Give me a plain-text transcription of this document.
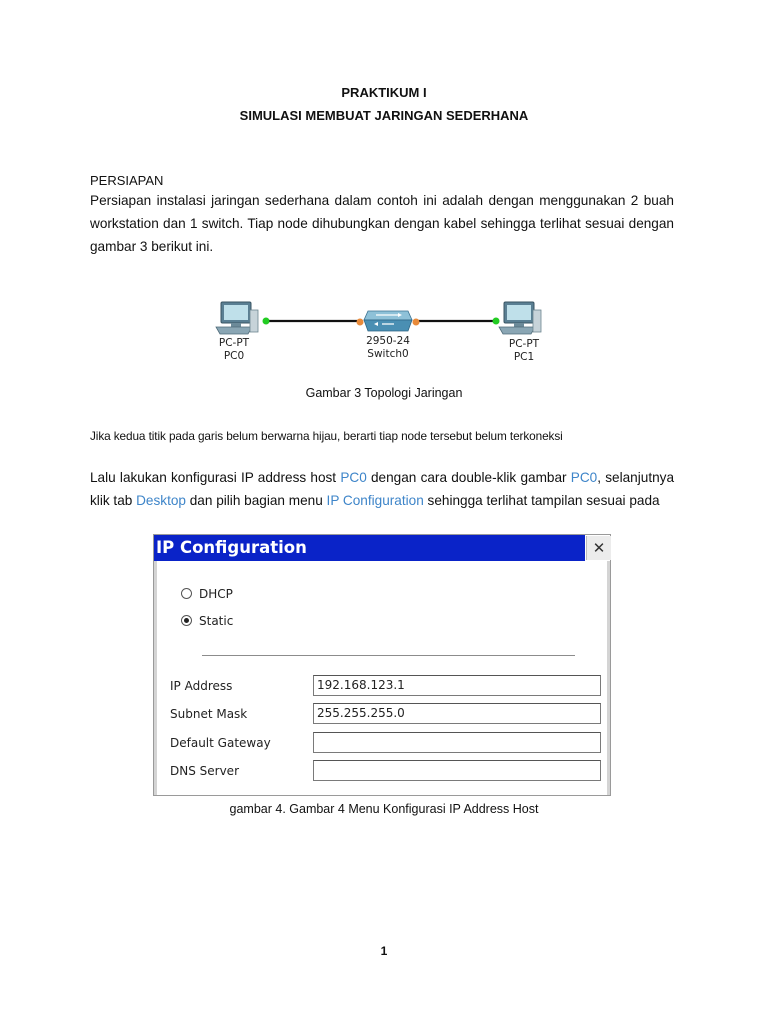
PRAKTIKUM I
SIMULASI MEMBUAT JARINGAN SEDERHANA
PERSIAPAN
Persiapan instalasi jaringan sederhana dalam contoh ini adalah dengan menggunakan 2 buah workstation dan 1 switch. Tiap node dihubungkan dengan kabel sehingga terlihat sesuai dengan gambar 3 berikut ini.
PC-PT
PC0
2950-24
Switch0
PC-PT
PC1
Gambar 3 Topologi Jaringan
Jika kedua titik pada garis belum berwarna hijau, berarti tiap node tersebut belum terkoneksi
Lalu lakukan konfigurasi IP address host PC0 dengan cara double-klik gambar PC0, selanjutnya klik tab Desktop dan pilih bagian menu IP Configuration sehingga terlihat tampilan sesuai pada
IP Configuration	✕
DHCP
Static
IP Address	192.168.123.1
Subnet Mask	255.255.255.0
Default Gateway
DNS Server
gambar 4. Gambar 4 Menu Konfigurasi IP Address Host
1
